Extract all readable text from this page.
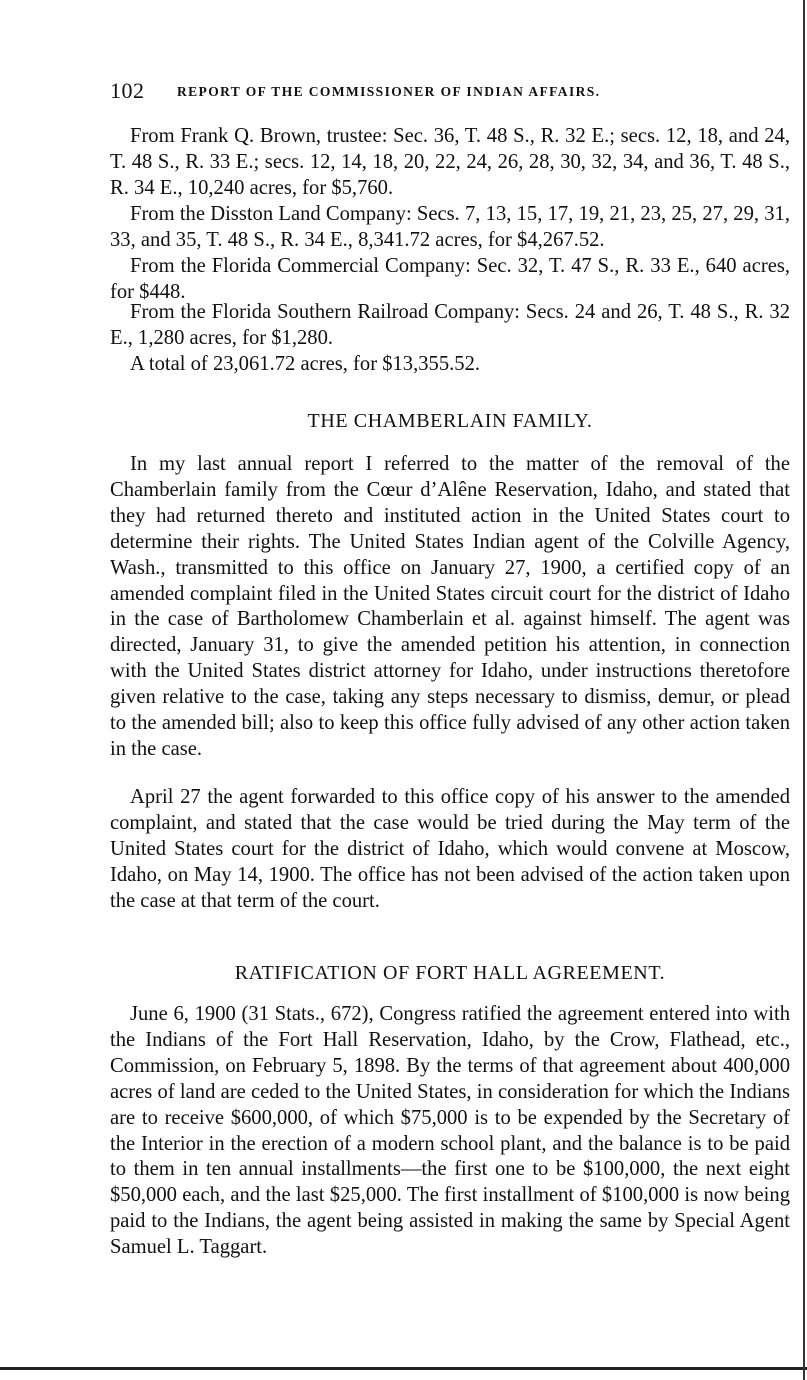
102 REPORT OF THE COMMISSIONER OF INDIAN AFFAIRS.

From Frank Q. Brown, trustee: Sec. 36, T. 48 S., R. 32 E.; secs. 12, 18, and 24, T. 48 S., R. 33 E.; secs. 12, 14, 18, 20, 22, 24, 26, 28, 30, 32, 34, and 36, T. 48 S., R. 34 E., 10,240 acres, for $5,760.

From the Disston Land Company: Secs. 7, 13, 15, 17, 19, 21, 23, 25, 27, 29, 31, 33, and 35, T. 48 S., R. 34 E., 8,341.72 acres, for $4,267.52.

From the Florida Commercial Company: Sec. 32, T. 47 S., R. 33 E., 640 acres, for $448.

From the Florida Southern Railroad Company: Secs. 24 and 26, T. 48 S., R. 32 E., 1,280 acres, for $1,280.

A total of 23,061.72 acres, for $13,355.52.

THE CHAMBERLAIN FAMILY.

In my last annual report I referred to the matter of the removal of the Chamberlain family from the Cœur d’Alêne Reservation, Idaho, and stated that they had returned thereto and instituted action in the United States court to determine their rights. The United States Indian agent of the Colville Agency, Wash., transmitted to this office on January 27, 1900, a certified copy of an amended complaint filed in the United States circuit court for the district of Idaho in the case of Bartholomew Chamberlain et al. against himself. The agent was directed, January 31, to give the amended petition his attention, in connection with the United States district attorney for Idaho, under instructions theretofore given relative to the case, taking any steps necessary to dismiss, demur, or plead to the amended bill; also to keep this office fully advised of any other action taken in the case.

April 27 the agent forwarded to this office copy of his answer to the amended complaint, and stated that the case would be tried during the May term of the United States court for the district of Idaho, which would convene at Moscow, Idaho, on May 14, 1900. The office has not been advised of the action taken upon the case at that term of the court.

RATIFICATION OF FORT HALL AGREEMENT.

June 6, 1900 (31 Stats., 672), Congress ratified the agreement entered into with the Indians of the Fort Hall Reservation, Idaho, by the Crow, Flathead, etc., Commission, on February 5, 1898. By the terms of that agreement about 400,000 acres of land are ceded to the United States, in consideration for which the Indians are to receive $600,000, of which $75,000 is to be expended by the Secretary of the Interior in the erection of a modern school plant, and the balance is to be paid to them in ten annual installments—the first one to be $100,000, the next eight $50,000 each, and the last $25,000. The first installment of $100,000 is now being paid to the Indians, the agent being assisted in making the same by Special Agent Samuel L. Taggart.
